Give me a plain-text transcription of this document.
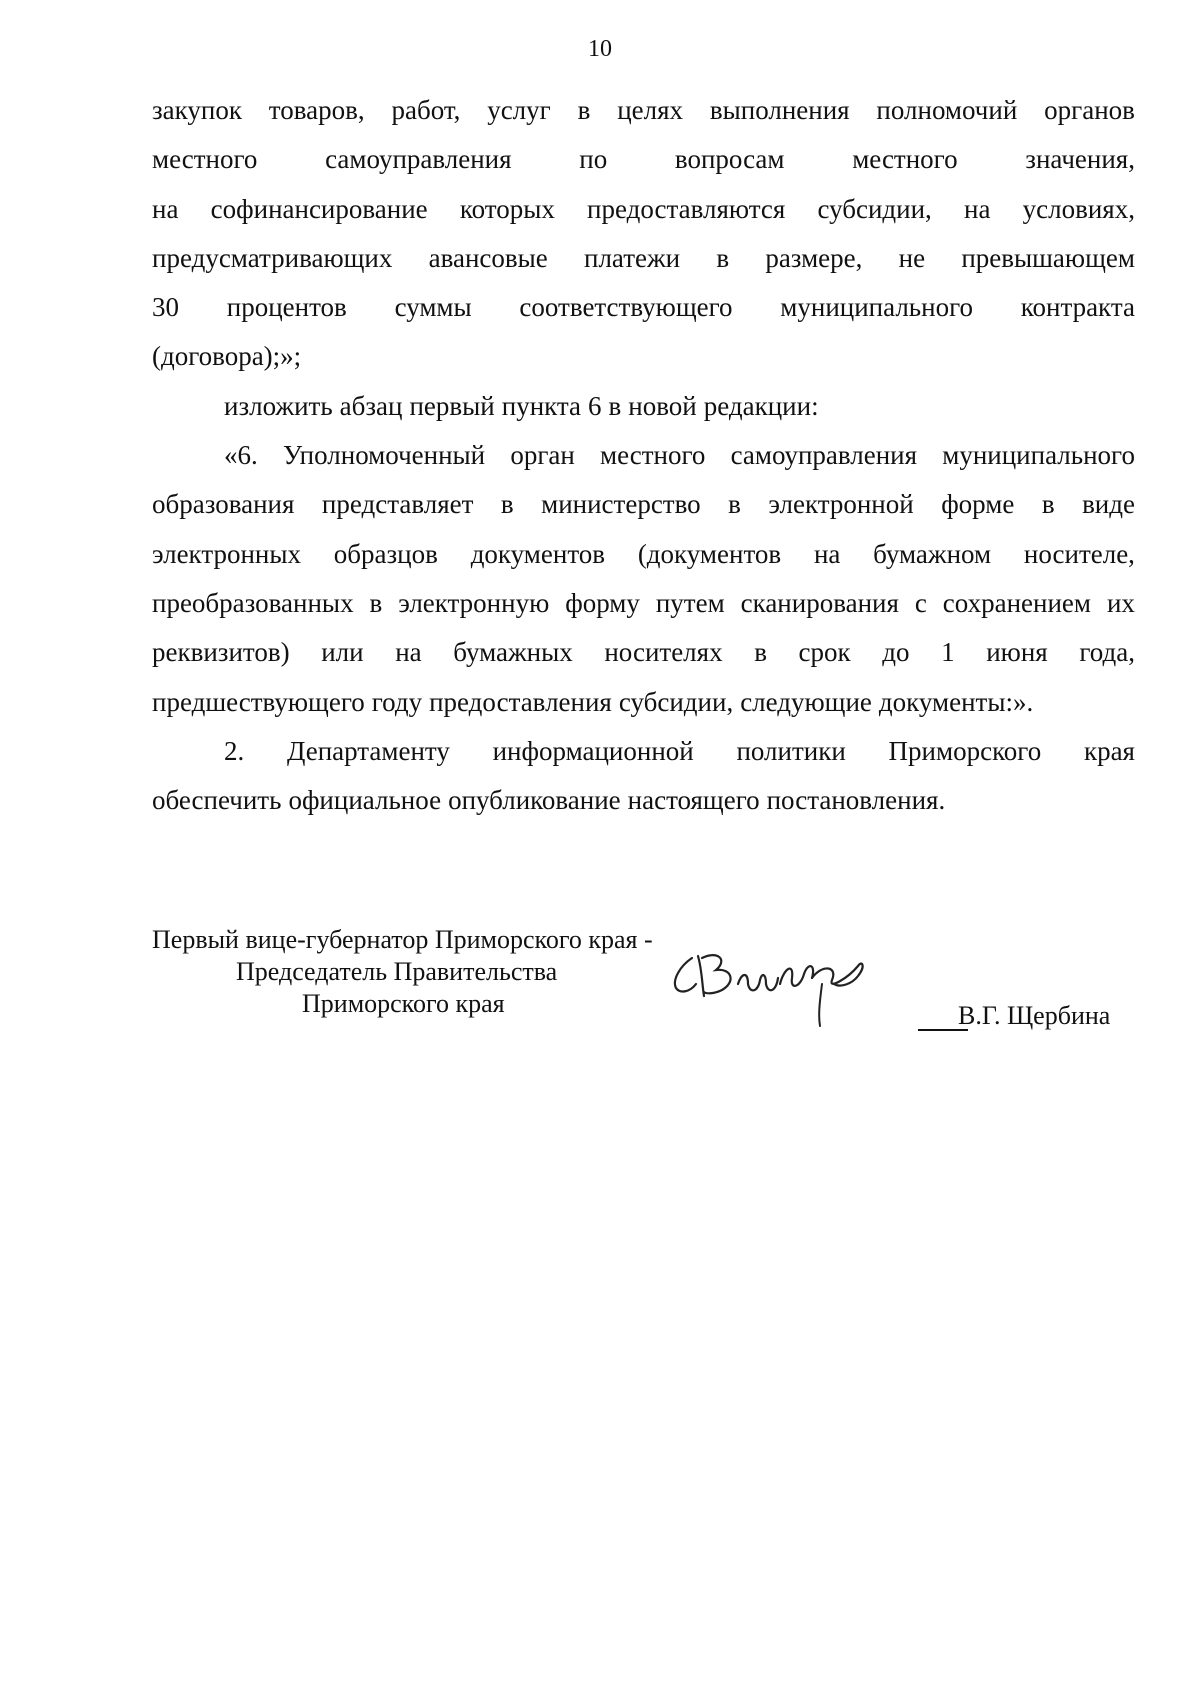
10
закупок товаров, работ, услуг в целях выполнения полномочий органов
местного	самоуправления	по	вопросам	местного	значения,
на софинансирование которых предоставляются субсидии, на условиях,
предусматривающих авансовые платежи в размере, не превышающем
30 процентов суммы соответствующего муниципального контракта
(договора);»;
изложить абзац первый пункта 6 в новой редакции:
«6. Уполномоченный орган местного самоуправления муниципального
образования представляет в министерство в электронной форме в виде
электронных образцов документов (документов на бумажном носителе,
преобразованных в электронную форму путем сканирования с сохранением их
реквизитов) или на бумажных носителях в срок до 1 июня года,
предшествующего году предоставления субсидии, следующие документы:».
2. Департаменту информационной политики Приморского края
обеспечить официальное опубликование настоящего постановления.
Первый вице-губернатор Приморского края -
Председатель Правительства
Приморского края	В.Г. Щербина
